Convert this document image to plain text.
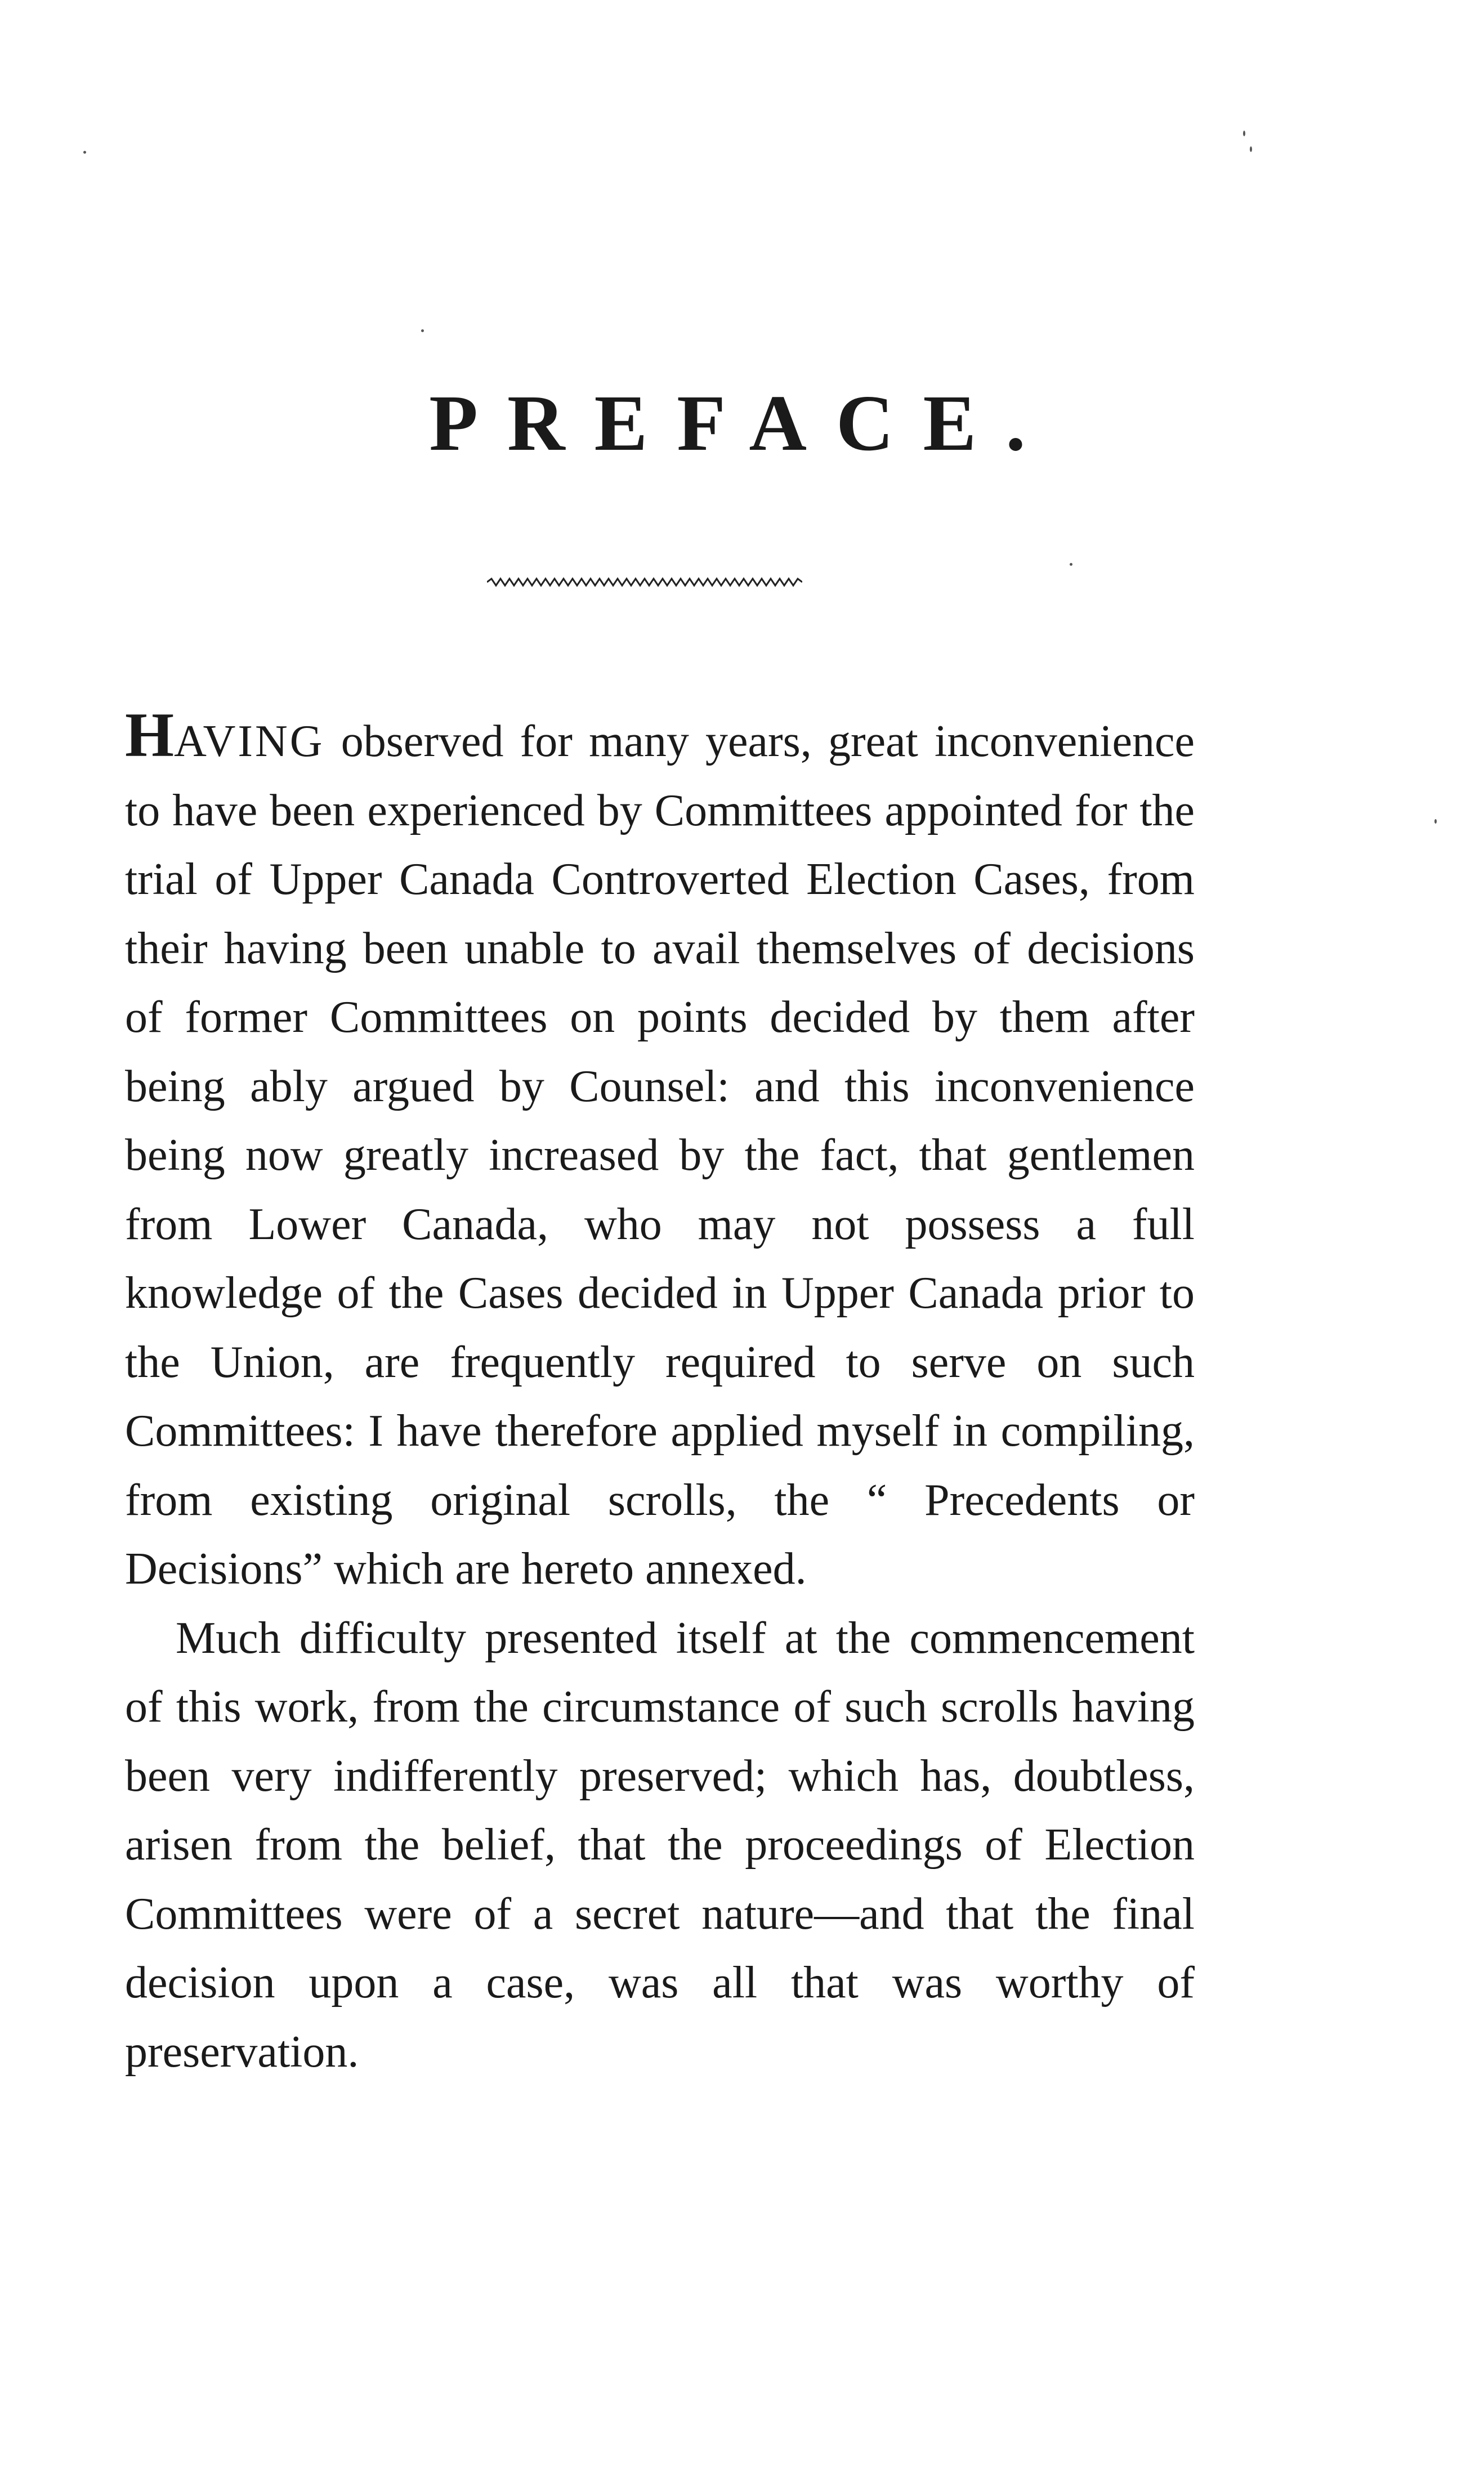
PREFACE.

HAVING observed for many years, great inconvenience to have been experienced by Committees appointed for the trial of Upper Canada Controverted Election Cases, from their having been unable to avail themselves of decisions of former Committees on points decided by them after being ably argued by Counsel: and this inconvenience being now greatly increased by the fact, that gentlemen from Lower Canada, who may not possess a full knowledge of the Cases decided in Upper Canada prior to the Union, are frequently required to serve on such Committees: I have therefore applied myself in compiling, from existing original scrolls, the “ Precedents or Decisions” which are hereto annexed.

Much difficulty presented itself at the commencement of this work, from the circumstance of such scrolls having been very indifferently preserved; which has, doubtless, arisen from the belief, that the proceedings of Election Committees were of a secret nature—and that the final decision upon a case, was all that was worthy of preservation.
